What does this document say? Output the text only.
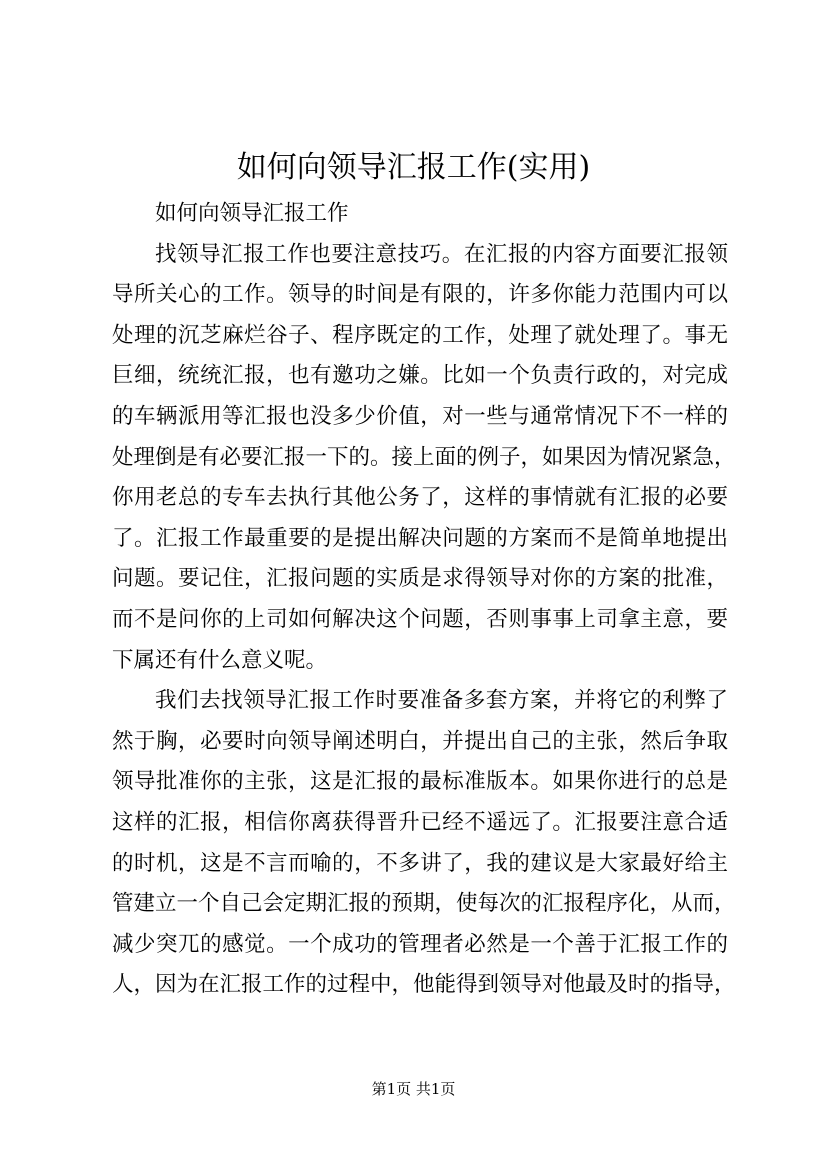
如何向领导汇报工作(实用)

如何向领导汇报工作

找领导汇报工作也要注意技巧。在汇报的内容方面要汇报领
导所关心的工作。领导的时间是有限的，许多你能力范围内可以
处理的沉芝麻烂谷子、程序既定的工作，处理了就处理了。事无
巨细，统统汇报，也有邀功之嫌。比如一个负责行政的，对完成
的车辆派用等汇报也没多少价值，对一些与通常情况下不一样的
处理倒是有必要汇报一下的。接上面的例子，如果因为情况紧急，
你用老总的专车去执行其他公务了，这样的事情就有汇报的必要
了。汇报工作最重要的是提出解决问题的方案而不是简单地提出
问题。要记住，汇报问题的实质是求得领导对你的方案的批准，
而不是问你的上司如何解决这个问题，否则事事上司拿主意，要
下属还有什么意义呢。
我们去找领导汇报工作时要准备多套方案，并将它的利弊了
然于胸，必要时向领导阐述明白，并提出自己的主张，然后争取
领导批准你的主张，这是汇报的最标准版本。如果你进行的总是
这样的汇报，相信你离获得晋升已经不遥远了。汇报要注意合适
的时机，这是不言而喻的，不多讲了，我的建议是大家最好给主
管建立一个自己会定期汇报的预期，使每次的汇报程序化，从而，
减少突兀的感觉。一个成功的管理者必然是一个善于汇报工作的
人，因为在汇报工作的过程中，他能得到领导对他最及时的指导，
第1页 共1页
